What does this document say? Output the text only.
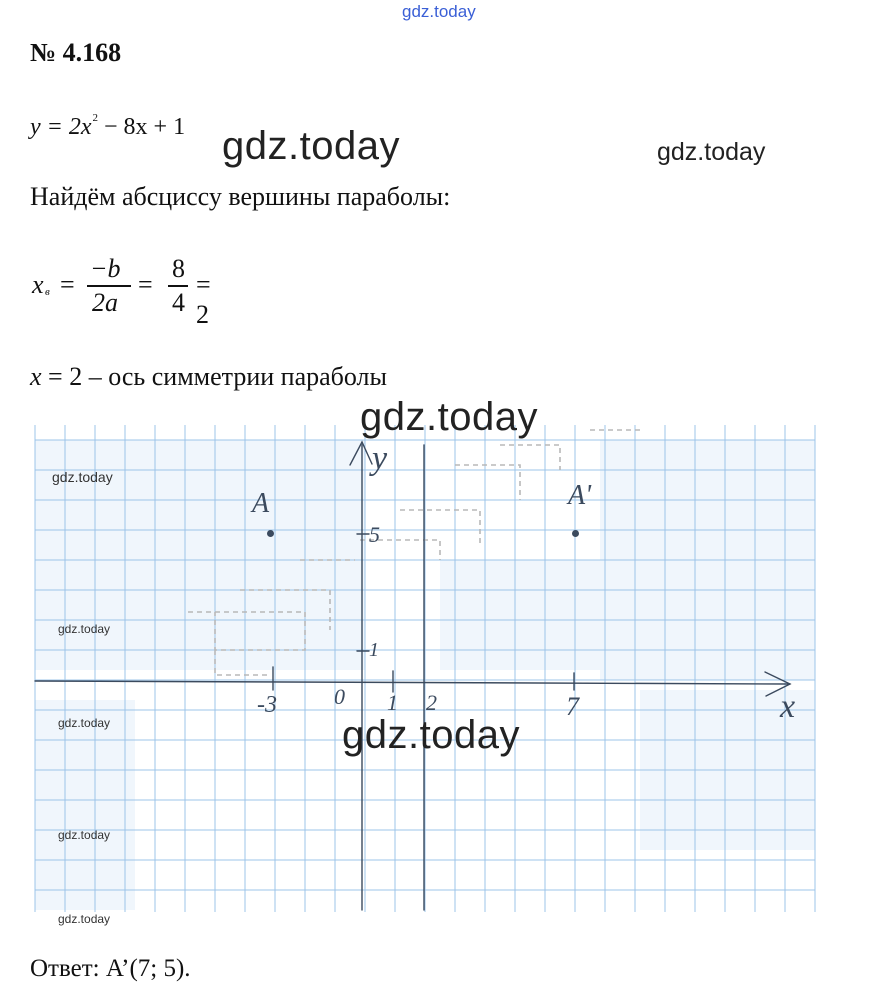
gdz.today
gdz.today	gdz.today
№ 4.168
$y = 2x^2 - 8x + 1$
Найдём абсциссу вершины параболы:
x в =
−b
2a
=
8
4
= 2
x = 2 – ось симметрии параболы
y
x
A	A'
5
1
-3	0 1 2	7
gdz.today
gdz.today
gdz.today
gdz.today
gdz.today
gdz.today
gdz.today
Ответ: A’(7; 5).
